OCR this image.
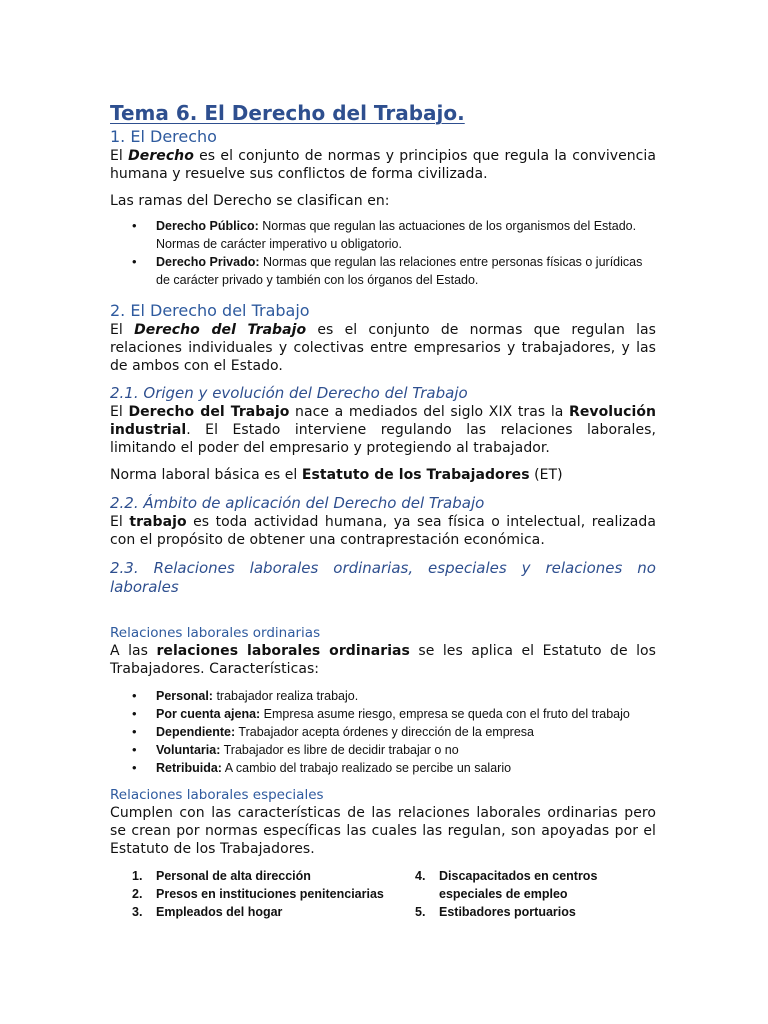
Tema 6. El Derecho del Trabajo.
1. El Derecho

El Derecho es el conjunto de normas y principios que regula la convivencia humana y resuelve sus conflictos de forma civilizada.

Las ramas del Derecho se clasifican en:

• Derecho Público: Normas que regulan las actuaciones de los organismos del Estado. Normas de carácter imperativo u obligatorio.
• Derecho Privado: Normas que regulan las relaciones entre personas físicas o jurídicas de carácter privado y también con los órganos del Estado.
2. El Derecho del Trabajo

El Derecho del Trabajo es el conjunto de normas que regulan las relaciones individuales y colectivas entre empresarios y trabajadores, y las de ambos con el Estado.

2.1. Origen y evolución del Derecho del Trabajo

El Derecho del Trabajo nace a mediados del siglo XIX tras la Revolución industrial. El Estado interviene regulando las relaciones laborales, limitando el poder del empresario y protegiendo al trabajador.

Norma laboral básica es el Estatuto de los Trabajadores (ET)

2.2. Ámbito de aplicación del Derecho del Trabajo

El trabajo es toda actividad humana, ya sea física o intelectual, realizada con el propósito de obtener una contraprestación económica.

2.3. Relaciones laborales ordinarias, especiales y relaciones no laborales
Relaciones laborales ordinarias

A las relaciones laborales ordinarias se les aplica el Estatuto de los Trabajadores. Características:

• Personal: trabajador realiza trabajo.
• Por cuenta ajena: Empresa asume riesgo, empresa se queda con el fruto del trabajo
• Dependiente: Trabajador acepta órdenes y dirección de la empresa
• Voluntaria: Trabajador es libre de decidir trabajar o no
• Retribuida: A cambio del trabajo realizado se percibe un salario
Relaciones laborales especiales

Cumplen con las características de las relaciones laborales ordinarias pero se crean por normas específicas las cuales las regulan, son apoyadas por el Estatuto de los Trabajadores.

1. Personal de alta dirección
2. Presos en instituciones penitenciarias
3. Empleados del hogar
4. Discapacitados en centros especiales de empleo
5. Estibadores portuarios
